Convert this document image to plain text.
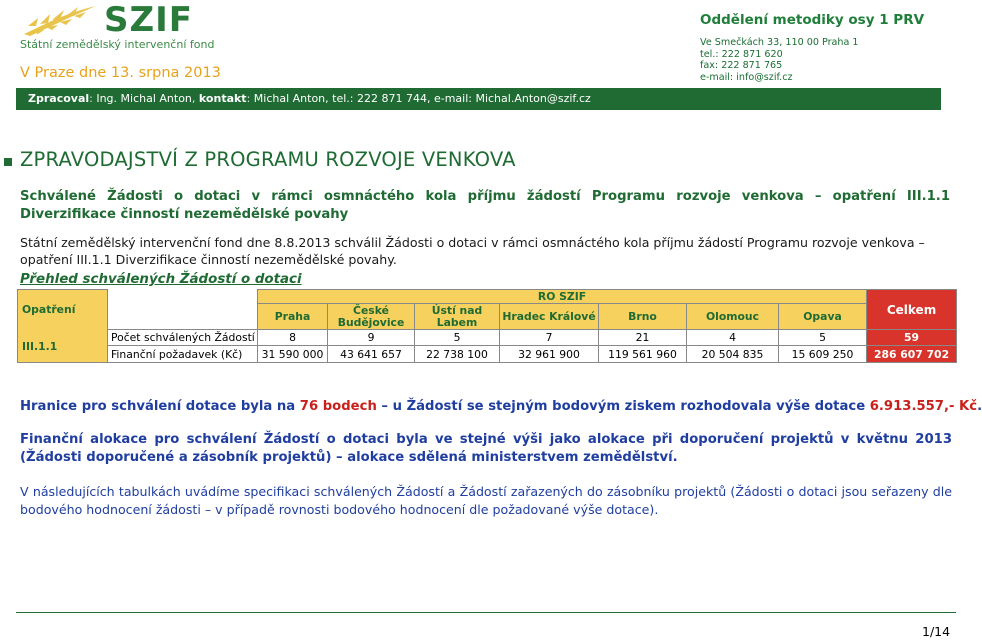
SZIF
Státní zemědělský intervenční fond
V Praze dne 13. srpna 2013
Oddělení metodiky osy 1 PRV
Ve Smečkách 33, 110 00 Praha 1
tel.: 222 871 620
fax: 222 871 765
e-mail: info@szif.cz
Zpracoval: Ing. Michal Anton, kontakt: Michal Anton, tel.: 222 871 744, e-mail: Michal.Anton@szif.cz
ZPRAVODAJSTVÍ Z PROGRAMU ROZVOJE VENKOVA
Schválené Žádosti o dotaci v rámci osmnáctého kola příjmu žádostí Programu rozvoje venkova – opatření III.1.1 Diverzifikace činností nezemědělské povahy
Státní zemědělský intervenční fond dne 8.8.2013 schválil Žádosti o dotaci v rámci osmnáctého kola příjmu žádostí Programu rozvoje venkova – opatření III.1.1 Diverzifikace činností nezemědělské povahy.
Přehled schválených Žádostí o dotaci
Opatření
III.1.1		RO SZIF							Celkem
		Praha	České Budějovice	Ústí nad Labem	Hradec Králové	Brno	Olomouc	Opava	
	Počet schválených Žádostí	8	9	5	7	21	4	5	59
	Finanční požadavek (Kč)	31 590 000	43 641 657	22 738 100	32 961 900	119 561 960	20 504 835	15 609 250	286 607 702
Hranice pro schválení dotace byla na 76 bodech – u Žádostí se stejným bodovým ziskem rozhodovala výše dotace 6.913.557,- Kč.
Finanční alokace pro schválení Žádostí o dotaci byla ve stejné výši jako alokace při doporučení projektů v květnu 2013 (Žádosti doporučené a zásobník projektů) – alokace sdělená ministerstvem zemědělství.
V následujících tabulkách uvádíme specifikaci schválených Žádostí a Žádostí zařazených do zásobníku projektů (Žádosti o dotaci jsou seřazeny dle bodového hodnocení žádosti – v případě rovnosti bodového hodnocení dle požadované výše dotace).
1/14
